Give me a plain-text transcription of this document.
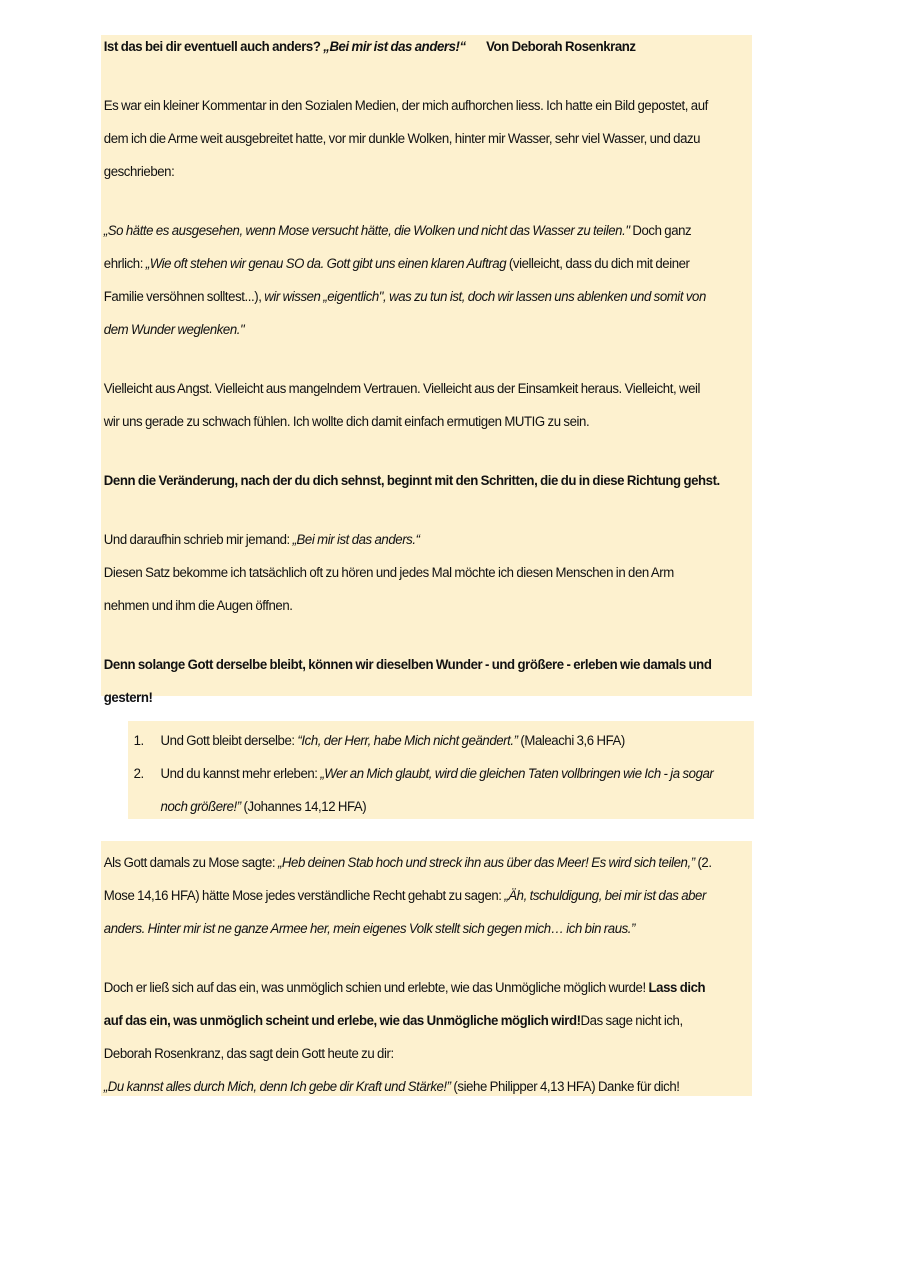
Ist das bei dir eventuell auch anders? „Bei mir ist das anders!“ Von Deborah Rosenkranz
Es war ein kleiner Kommentar in den Sozialen Medien, der mich aufhorchen liess. Ich hatte ein Bild gepostet, auf
dem ich die Arme weit ausgebreitet hatte, vor mir dunkle Wolken, hinter mir Wasser, sehr viel Wasser, und dazu
geschrieben:
„So hätte es ausgesehen, wenn Mose versucht hätte, die Wolken und nicht das Wasser zu teilen." Doch ganz
ehrlich: „Wie oft stehen wir genau SO da. Gott gibt uns einen klaren Auftrag (vielleicht, dass du dich mit deiner
Familie versöhnen solltest...), wir wissen „eigentlich", was zu tun ist, doch wir lassen uns ablenken und somit von
dem Wunder weglenken."
Vielleicht aus Angst. Vielleicht aus mangelndem Vertrauen. Vielleicht aus der Einsamkeit heraus. Vielleicht, weil
wir uns gerade zu schwach fühlen. Ich wollte dich damit einfach ermutigen MUTIG zu sein.
Denn die Veränderung, nach der du dich sehnst, beginnt mit den Schritten, die du in diese Richtung gehst.
Und daraufhin schrieb mir jemand: „Bei mir ist das anders.“
Diesen Satz bekomme ich tatsächlich oft zu hören und jedes Mal möchte ich diesen Menschen in den Arm
nehmen und ihm die Augen öffnen.
Denn solange Gott derselbe bleibt, können wir dieselben Wunder - und größere - erleben wie damals und
gestern!
1. Und Gott bleibt derselbe: “Ich, der Herr, habe Mich nicht geändert.” (Maleachi 3,6 HFA)
2. Und du kannst mehr erleben: „Wer an Mich glaubt, wird die gleichen Taten vollbringen wie Ich - ja sogar
noch größere!” (Johannes 14,12 HFA)
Als Gott damals zu Mose sagte: „Heb deinen Stab hoch und streck ihn aus über das Meer! Es wird sich teilen,” (2.
Mose 14,16 HFA) hätte Mose jedes verständliche Recht gehabt zu sagen: „Äh, tschuldigung, bei mir ist das aber
anders. Hinter mir ist ne ganze Armee her, mein eigenes Volk stellt sich gegen mich… ich bin raus.”
Doch er ließ sich auf das ein, was unmöglich schien und erlebte, wie das Unmögliche möglich wurde! Lass dich
auf das ein, was unmöglich scheint und erlebe, wie das Unmögliche möglich wird!Das sage nicht ich,
Deborah Rosenkranz, das sagt dein Gott heute zu dir:
„Du kannst alles durch Mich, denn Ich gebe dir Kraft und Stärke!” (siehe Philipper 4,13 HFA) Danke für dich!
